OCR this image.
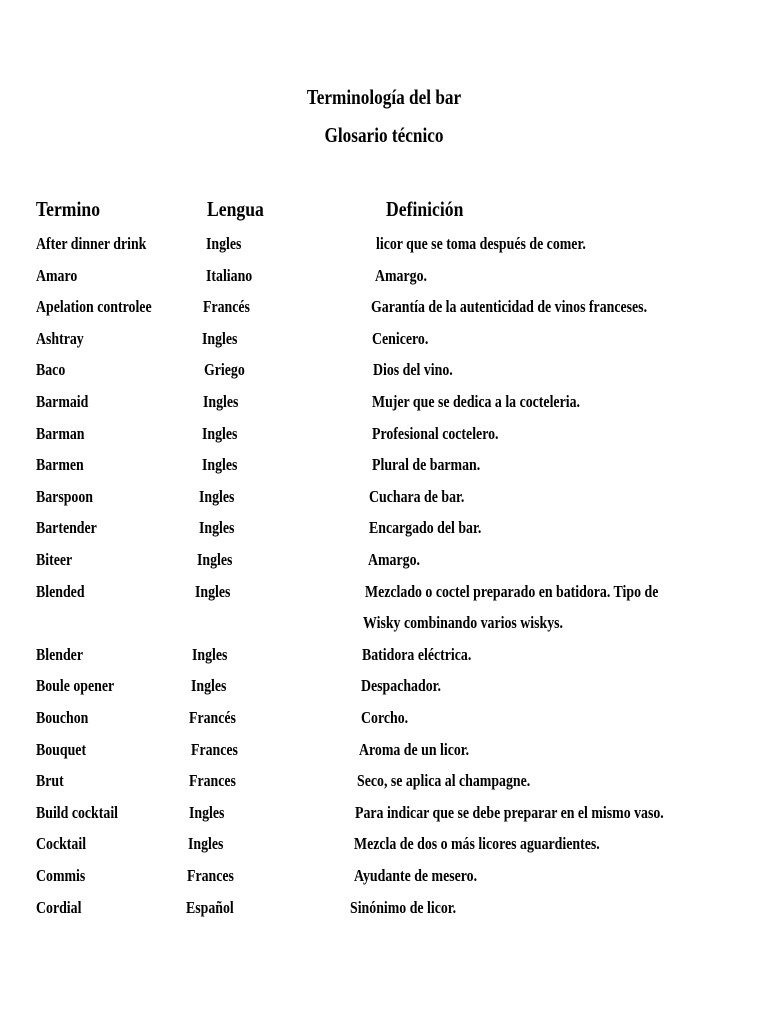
Terminología del bar
Glosario técnico
Termino	Lengua	Definición
After dinner drink	Ingles	licor que se toma después de comer.
Amaro	Italiano	Amargo.
Apelation controlee	Francés	Garantía de la autenticidad de vinos franceses.
Ashtray	Ingles	Cenicero.
Baco	Griego	Dios del vino.
Barmaid	Ingles	Mujer que se dedica a la cocteleria.
Barman	Ingles	Profesional coctelero.
Barmen	Ingles	Plural de barman.
Barspoon	Ingles	Cuchara de bar.
Bartender	Ingles	Encargado del bar.
Biteer	Ingles	Amargo.
Blended	Ingles	Mezclado o coctel preparado en batidora. Tipo de
Wisky combinando varios wiskys.
Blender	Ingles	Batidora eléctrica.
Boule opener	Ingles	Despachador.
Bouchon	Francés	Corcho.
Bouquet	Frances	Aroma de un licor.
Brut	Frances	Seco, se aplica al champagne.
Build cocktail	Ingles	Para indicar que se debe preparar en el mismo vaso.
Cocktail	Ingles	Mezcla de dos o más licores aguardientes.
Commis	Frances	Ayudante de mesero.
Cordial	Español	Sinónimo de licor.
